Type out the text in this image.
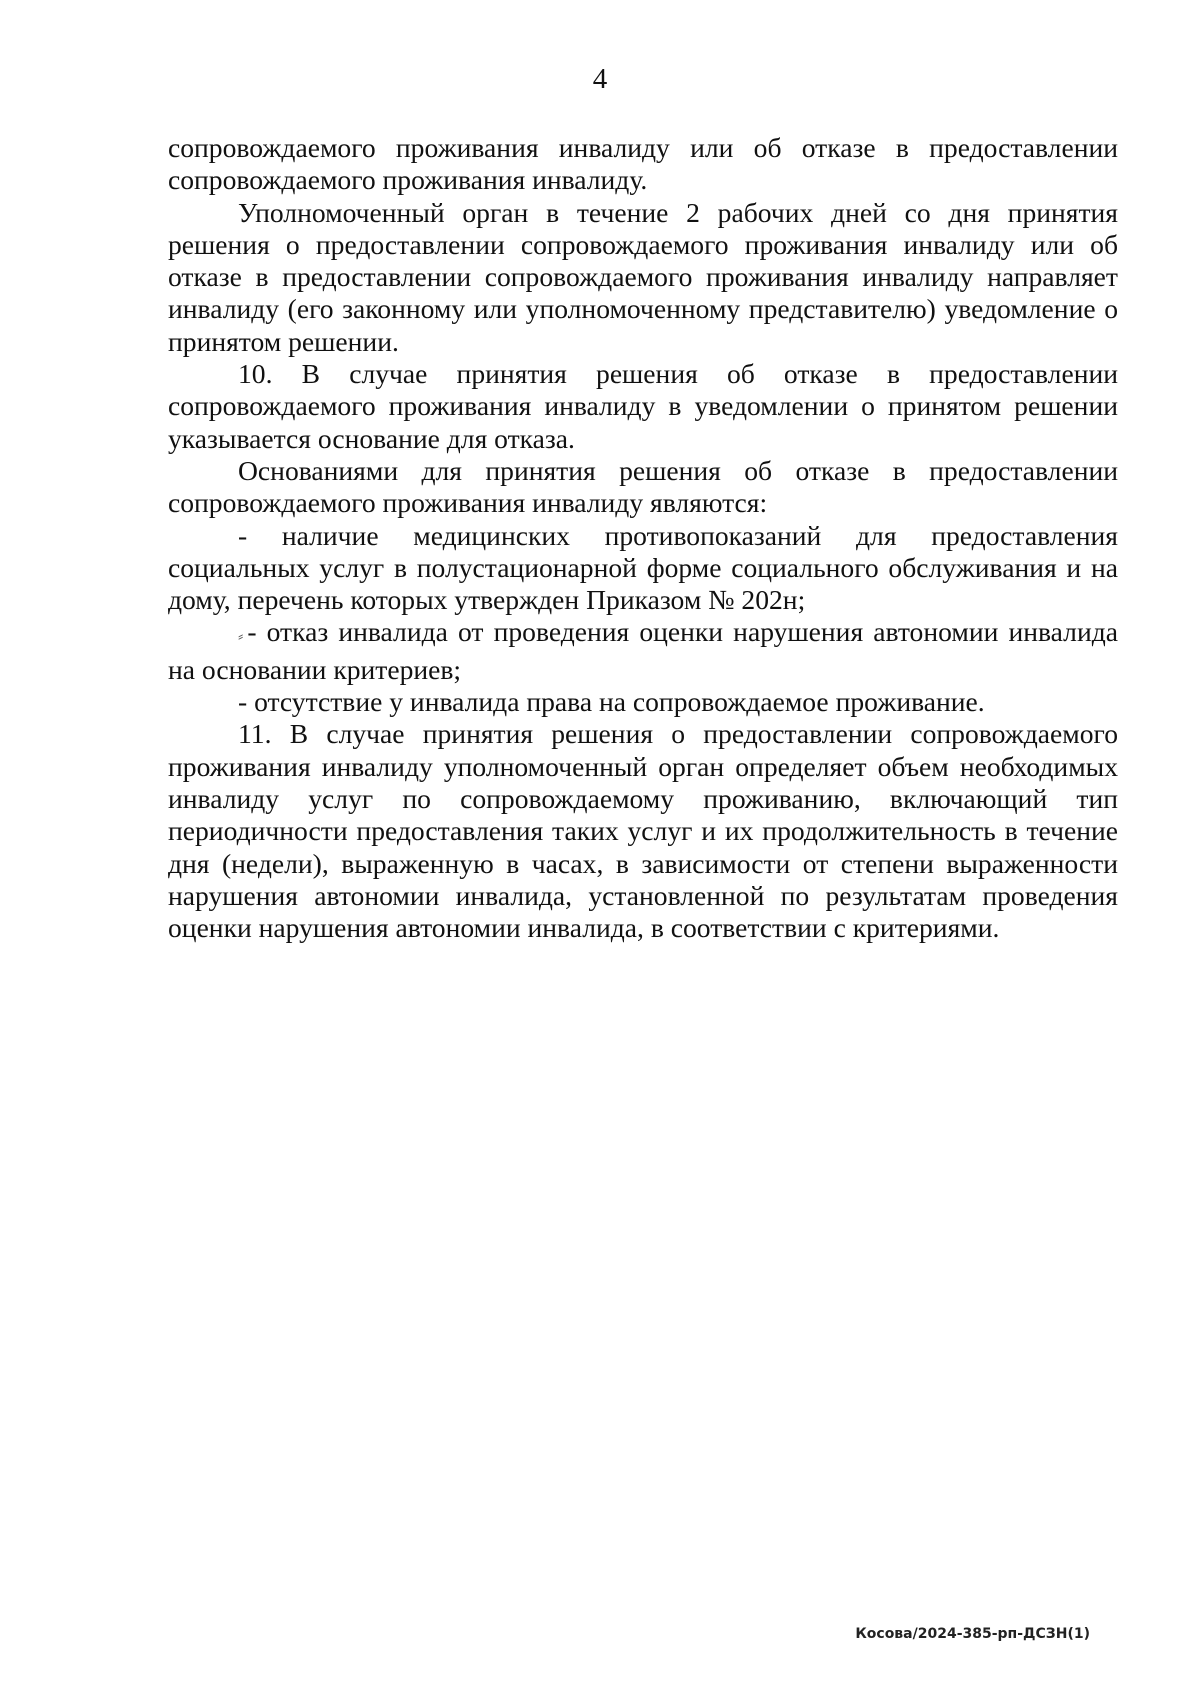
4

сопровождаемого проживания инвалиду или об отказе в предоставлении сопровождаемого проживания инвалиду.

Уполномоченный орган в течение 2 рабочих дней со дня принятия решения о предоставлении сопровождаемого проживания инвалиду или об отказе в предоставлении сопровождаемого проживания инвалиду направляет инвалиду (его законному или уполномоченному представителю) уведомление о принятом решении.

10. В случае принятия решения об отказе в предоставлении сопровождаемого проживания инвалиду в уведомлении о принятом решении указывается основание для отказа.

Основаниями для принятия решения об отказе в предоставлении сопровождаемого проживания инвалиду являются:

- наличие медицинских противопоказаний для предоставления социальных услуг в полустационарной форме социального обслуживания и на дому, перечень которых утвержден Приказом № 202н;

⸗ - отказ инвалида от проведения оценки нарушения автономии инвалида на основании критериев;

- отсутствие у инвалида права на сопровождаемое проживание.

11. В случае принятия решения о предоставлении сопровождаемого проживания инвалиду уполномоченный орган определяет объем необходимых инвалиду услуг по сопровождаемому проживанию, включающий тип периодичности предоставления таких услуг и их продолжительность в течение дня (недели), выраженную в часах, в зависимости от степени выраженности нарушения автономии инвалида, установленной по результатам проведения оценки нарушения автономии инвалида, в соответствии с критериями.

Косова/2024-385-рп-ДСЗН(1)
